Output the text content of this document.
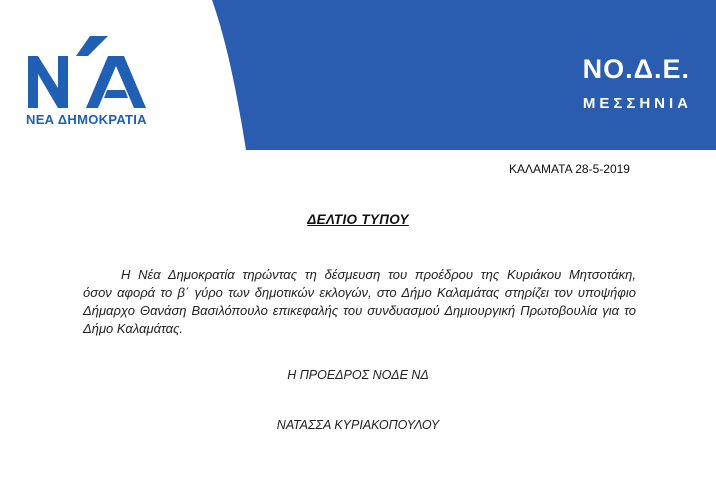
ΝΕΑ ΔΗΜΟΚΡΑΤΙΑ
ΝΟ.Δ.Ε.
ΜΕΣΣΗΝΙΑ
ΚΑΛΑΜΑΤΑ 28-5-2019
ΔΕΛΤΙΟ ΤΥΠΟΥ
Η Νέα Δημοκρατία τηρώντας τη δέσμευση του προέδρου της Κυριάκου Μητσοτάκη,
όσον αφορά το β΄ γύρο των δημοτικών εκλογών, στο Δήμο Καλαμάτας στηρίζει τον υποψήφιο
Δήμαρχο Θανάση Βασιλόπουλο επικεφαλής του συνδυασμού Δημιουργική Πρωτοβουλία για το
Δήμο Καλαμάτας.
Η ΠΡΟΕΔΡΟΣ ΝΟΔΕ ΝΔ
ΝΑΤΑΣΣΑ ΚΥΡΙΑΚΟΠΟΥΛΟΥ
